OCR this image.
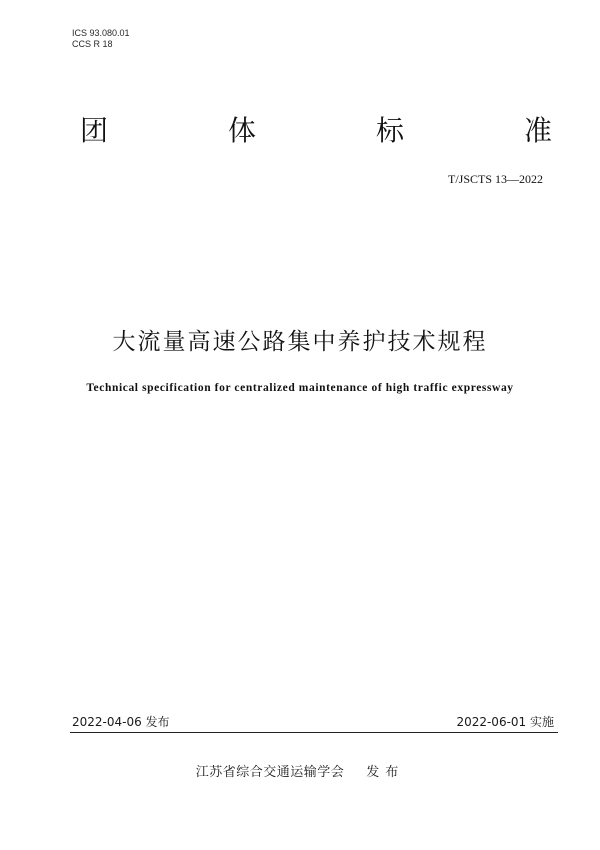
ICS 93.080.01
CCS R 18
团	体	标	准
T/JSCTS 13—2022
大流量高速公路集中养护技术规程
Technical specification for centralized maintenance of high traffic expressway
2022-04-06 发布	2022-06-01 实施
江苏省综合交通运输学会 发布
